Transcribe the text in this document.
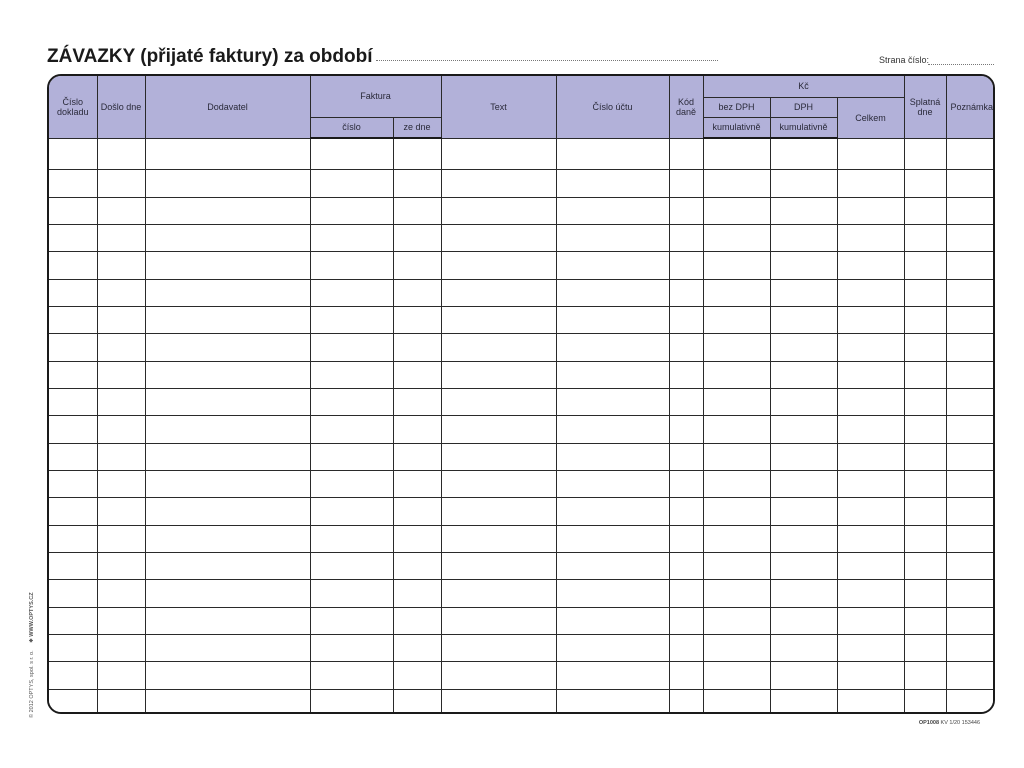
ZÁVAZKY (přijaté faktury) za období	Strana číslo:
Číslo dokladu	Došlo dne	Dodavatel	Faktura		Text	Číslo účtu	Kód daně	Kč			Splatná dne	Poznámka
								bez DPH	DPH	Celkem		
			číslo	ze dne				kumulativně	kumulativně			

© 2012 OPTYS, spol. s r. o. ✱ WWW.OPTYS.CZ
OP1008 KV 1/20 153446
